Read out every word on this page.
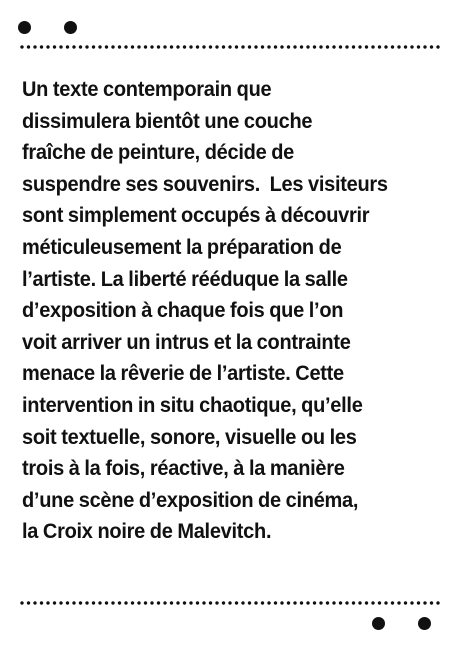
Un texte contemporain que
dissimulera bientôt une couche
fraîche de peinture, décide de
suspendre ses souvenirs.  Les visiteurs
sont simplement occupés à découvrir
méticuleusement la préparation de
l’artiste. La liberté rééduque la salle
d’exposition à chaque fois que l’on
voit arriver un intrus et la contrainte
menace la rêverie de l’artiste. Cette
intervention in situ chaotique, qu’elle
soit textuelle, sonore, visuelle ou les
trois à la fois, réactive, à la manière
d’une scène d’exposition de cinéma,
la Croix noire de Malevitch.
